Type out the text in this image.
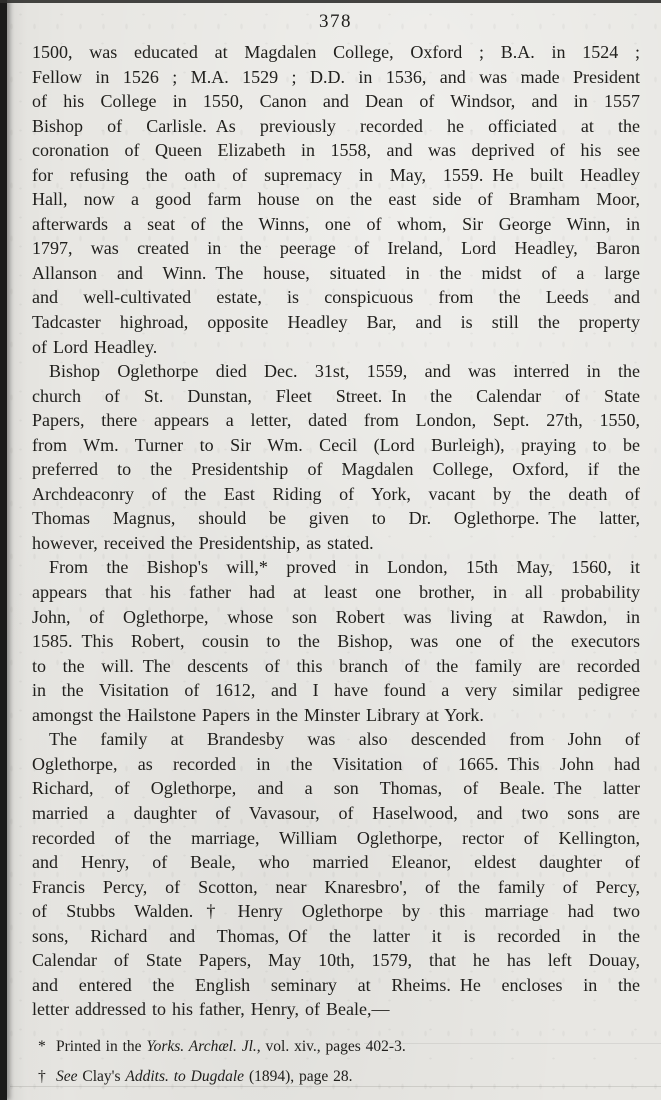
378
1500, was educated at Magdalen College, Oxford ; B.A. in 1524 ;
Fellow in 1526 ; M.A. 1529 ; D.D. in 1536, and was made President
of his College in 1550, Canon and Dean of Windsor, and in 1557
Bishop of Carlisle. As previously recorded he officiated at the
coronation of Queen Elizabeth in 1558, and was deprived of his see
for refusing the oath of supremacy in May, 1559. He built Headley
Hall, now a good farm house on the east side of Bramham Moor,
afterwards a seat of the Winns, one of whom, Sir George Winn, in
1797, was created in the peerage of Ireland, Lord Headley, Baron
Allanson and Winn. The house, situated in the midst of a large
and well-cultivated estate, is conspicuous from the Leeds and
Tadcaster highroad, opposite Headley Bar, and is still the property
of Lord Headley.
Bishop Oglethorpe died Dec. 31st, 1559, and was interred in the
church of St. Dunstan, Fleet Street. In the Calendar of State
Papers, there appears a letter, dated from London, Sept. 27th, 1550,
from Wm. Turner to Sir Wm. Cecil (Lord Burleigh), praying to be
preferred to the Presidentship of Magdalen College, Oxford, if the
Archdeaconry of the East Riding of York, vacant by the death of
Thomas Magnus, should be given to Dr. Oglethorpe. The latter,
however, received the Presidentship, as stated.
From the Bishop's will,* proved in London, 15th May, 1560, it
appears that his father had at least one brother, in all probability
John, of Oglethorpe, whose son Robert was living at Rawdon, in
1585. This Robert, cousin to the Bishop, was one of the executors
to the will. The descents of this branch of the family are recorded
in the Visitation of 1612, and I have found a very similar pedigree
amongst the Hailstone Papers in the Minster Library at York.
The family at Brandesby was also descended from John of
Oglethorpe, as recorded in the Visitation of 1665. This John had
Richard, of Oglethorpe, and a son Thomas, of Beale. The latter
married a daughter of Vavasour, of Haselwood, and two sons are
recorded of the marriage, William Oglethorpe, rector of Kellington,
and Henry, of Beale, who married Eleanor, eldest daughter of
Francis Percy, of Scotton, near Knaresbro', of the family of Percy,
of Stubbs Walden.† Henry Oglethorpe by this marriage had two
sons, Richard and Thomas, Of the latter it is recorded in the
Calendar of State Papers, May 10th, 1579, that he has left Douay,
and entered the English seminary at Rheims. He encloses in the
letter addressed to his father, Henry, of Beale,—
* Printed in the Yorks. Archæl. Jl., vol. xiv., pages 402-3.
† See Clay's Addits. to Dugdale (1894), page 28.
